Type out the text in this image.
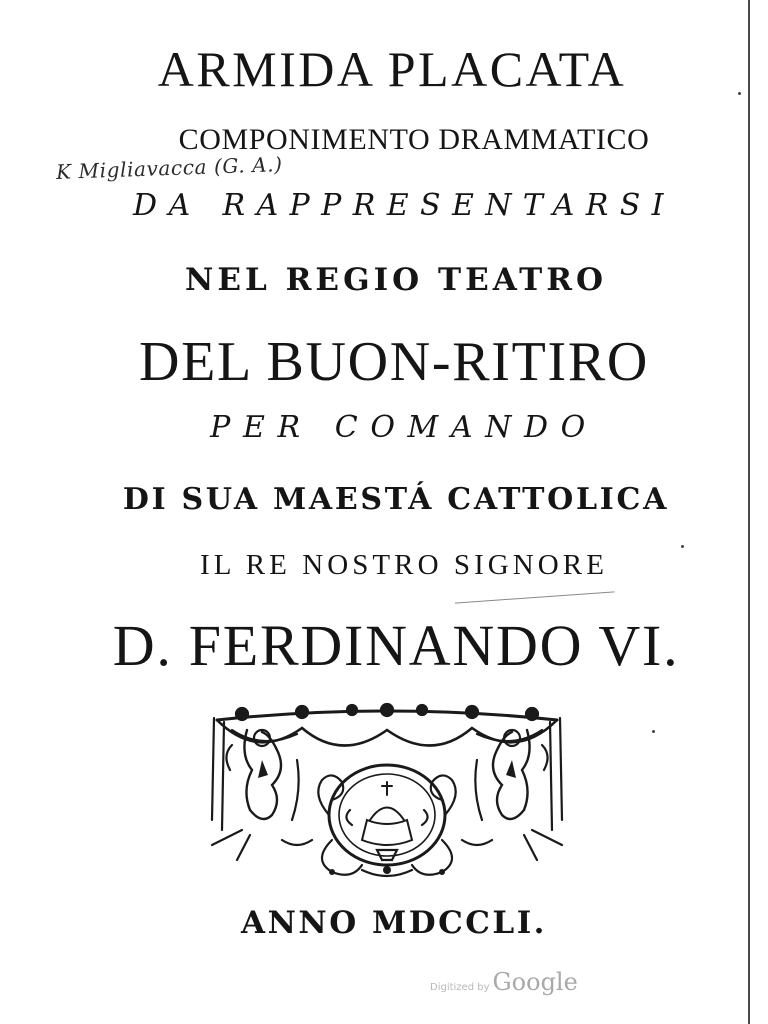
ARMIDA PLACATA
COMPONIMENTO DRAMMATICO
K Migliavacca (G. A.)
DA RAPPRESENTARSI
NEL REGIO TEATRO
DEL BUON-RITIRO
PER COMANDO
DI SUA MAESTÁ CATTOLICA
IL RE NOSTRO SIGNORE
D. FERDINANDO VI.
ANNO MDCCLI.
Digitized by Google
